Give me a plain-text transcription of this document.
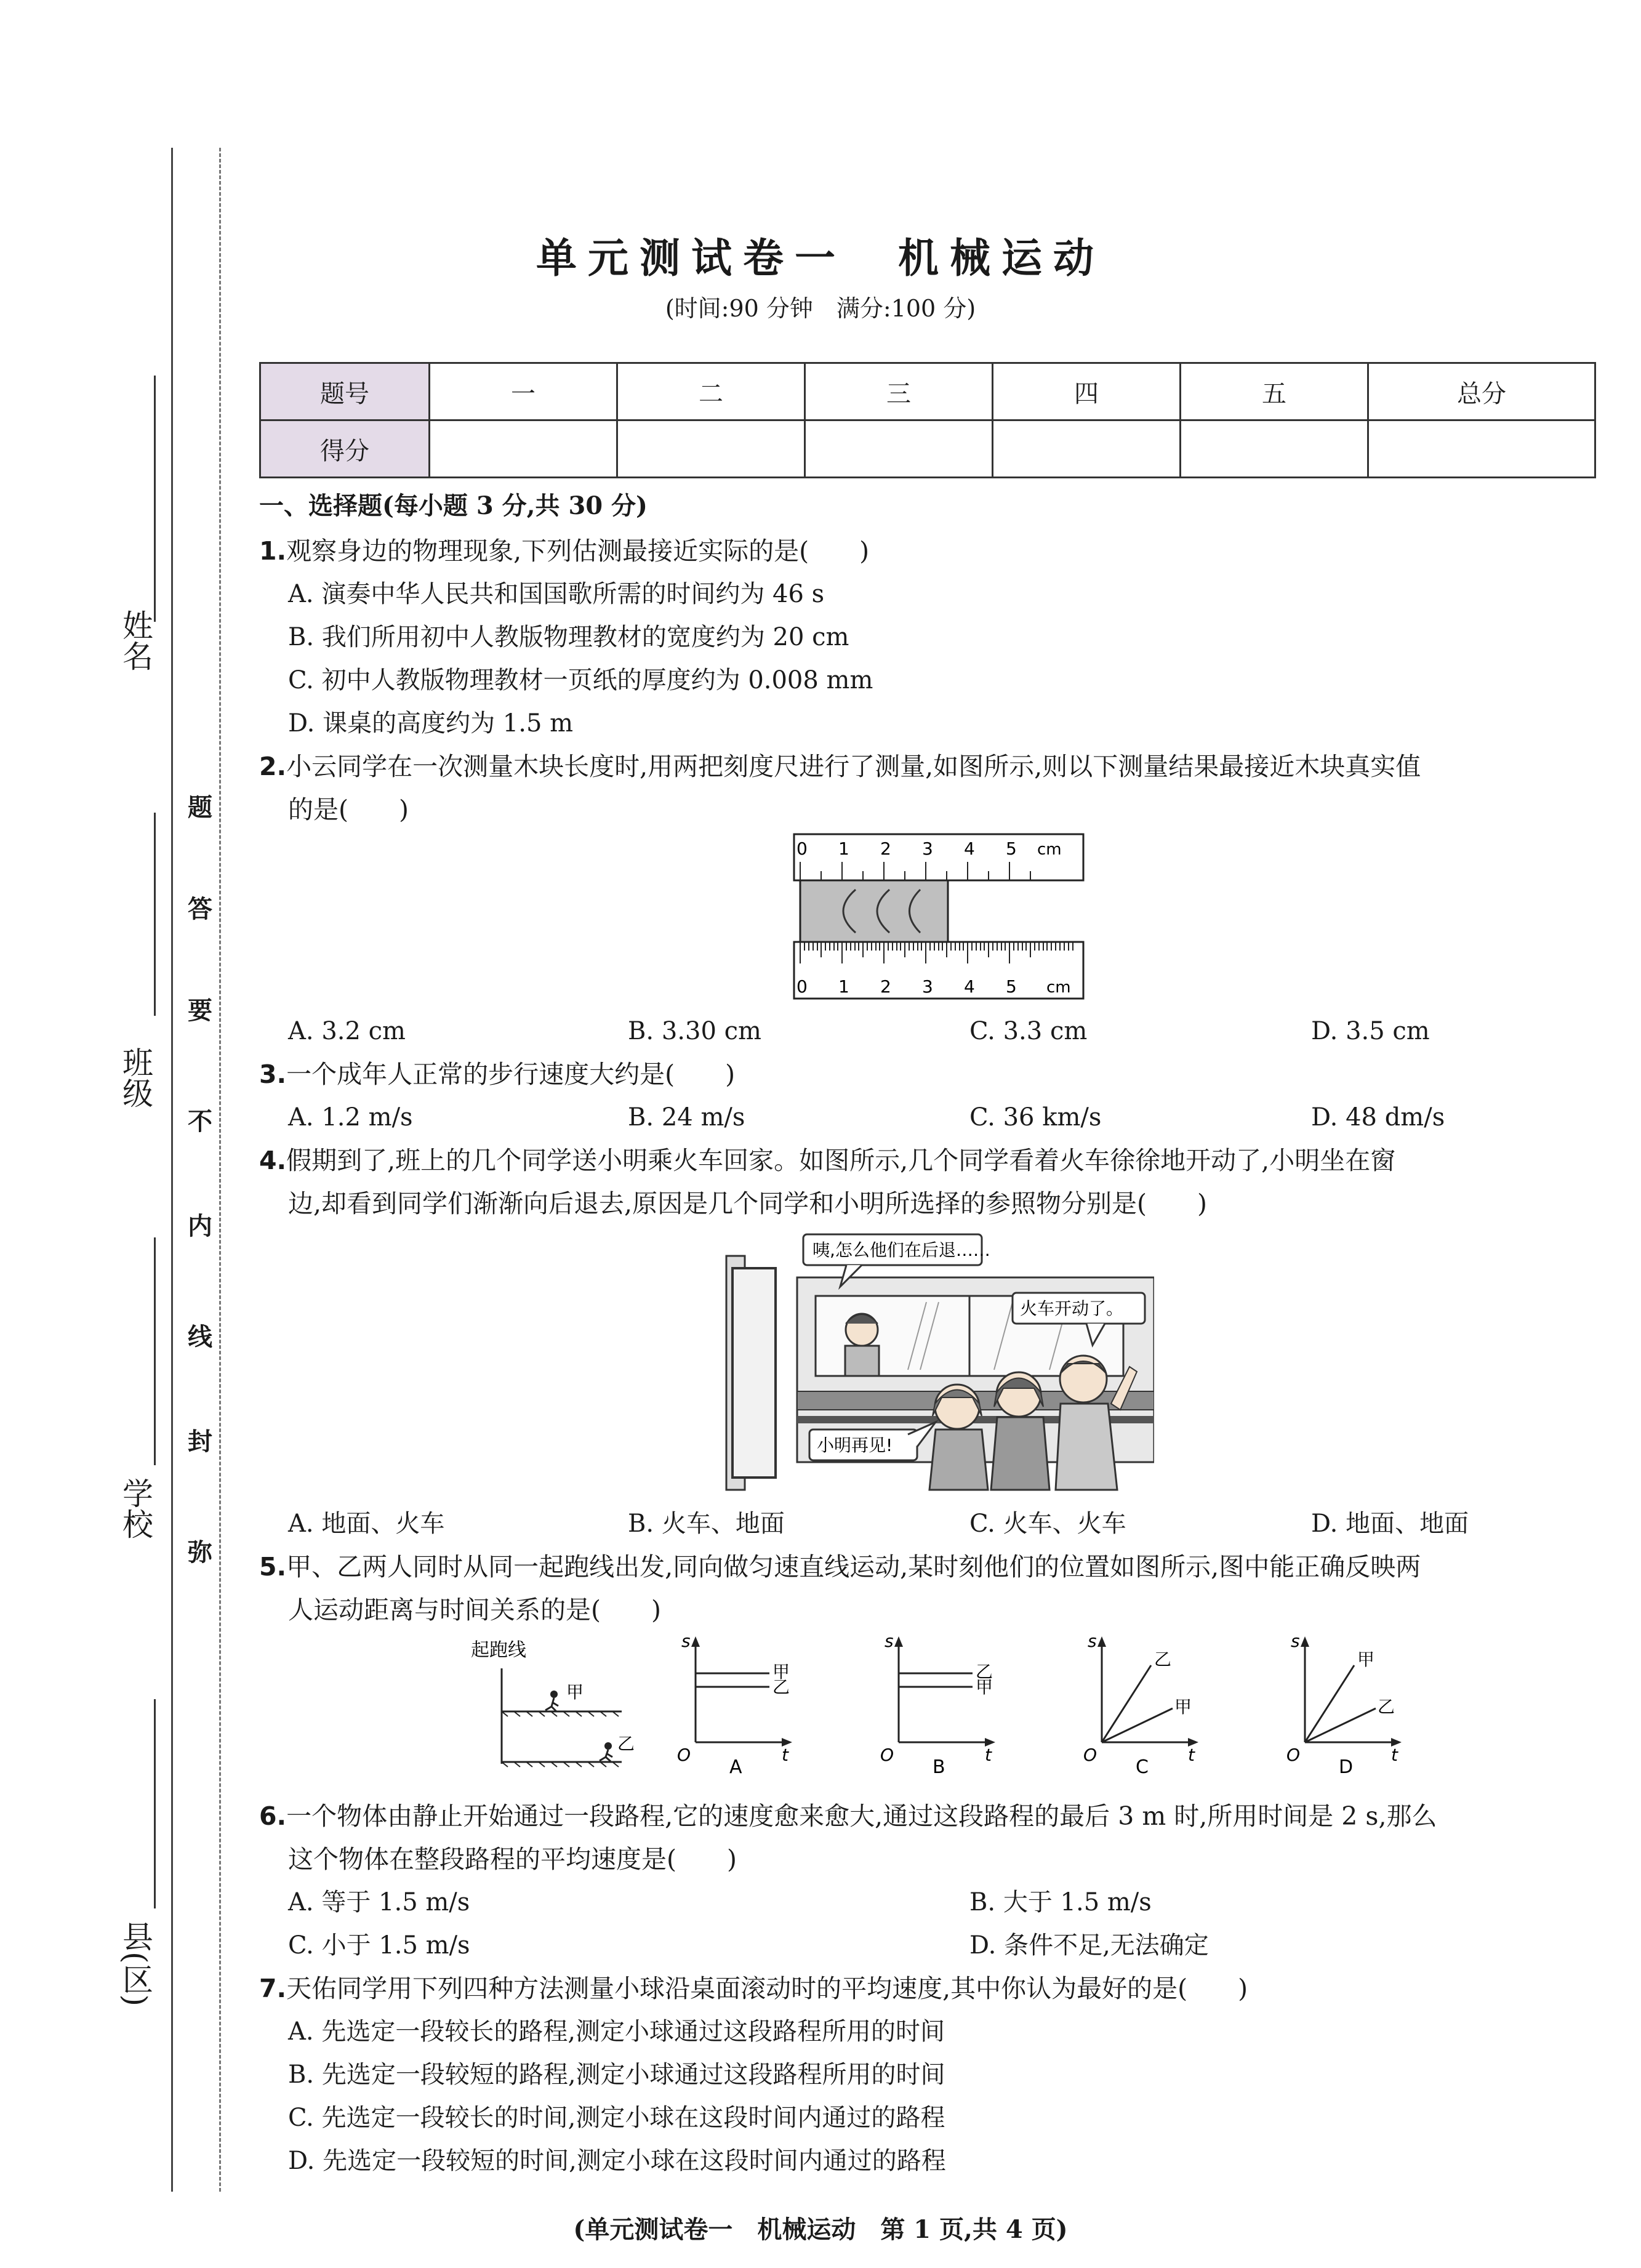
姓名
班级
学校
县(区)
题
答
要
不
内
线
封
弥
单元测试卷一　机械运动
(时间:90 分钟　满分:100 分)
题号	一	二	三	四	五	总分
得分						
一、选择题(每小题 3 分,共 30 分)
1.观察身边的物理现象,下列估测最接近实际的是(　　)
A. 演奏中华人民共和国国歌所需的时间约为 46 s
B. 我们所用初中人教版物理教材的宽度约为 20 cm
C. 初中人教版物理教材一页纸的厚度约为 0.008 mm
D. 课桌的高度约为 1.5 m
2.小云同学在一次测量木块长度时,用两把刻度尺进行了测量,如图所示,则以下测量结果最接近木块真实值
的是(　　)
0 1 2 3 4 5 cm
0 1 2 3 4 5 cm
A. 3.2 cm	B. 3.30 cm	C. 3.3 cm	D. 3.5 cm
3.一个成年人正常的步行速度大约是(　　)
A. 1.2 m/s	B. 24 m/s	C. 36 km/s	D. 48 dm/s
4.假期到了,班上的几个同学送小明乘火车回家。如图所示,几个同学看着火车徐徐地开动了,小明坐在窗
边,却看到同学们渐渐向后退去,原因是几个同学和小明所选择的参照物分别是(　　)
咦,怎么他们在后退……
火车开动了。
小明再见!
A. 地面、火车	B. 火车、地面	C. 火车、火车	D. 地面、地面
5.甲、乙两人同时从同一起跑线出发,同向做匀速直线运动,某时刻他们的位置如图所示,图中能正确反映两
人运动距离与时间关系的是(　　)
起跑线
甲
乙
s
t
O
甲
乙
A
s
t
O
乙
甲
B
s
t
O
乙
甲
C
s
t
O
甲
乙
D
6.一个物体由静止开始通过一段路程,它的速度愈来愈大,通过这段路程的最后 3 m 时,所用时间是 2 s,那么
这个物体在整段路程的平均速度是(　　)
A. 等于 1.5 m/s	B. 大于 1.5 m/s
C. 小于 1.5 m/s	D. 条件不足,无法确定
7.天佑同学用下列四种方法测量小球沿桌面滚动时的平均速度,其中你认为最好的是(　　)
A. 先选定一段较长的路程,测定小球通过这段路程所用的时间
B. 先选定一段较短的路程,测定小球通过这段路程所用的时间
C. 先选定一段较长的时间,测定小球在这段时间内通过的路程
D. 先选定一段较短的时间,测定小球在这段时间内通过的路程
(单元测试卷一　机械运动　第 1 页,共 4 页)
